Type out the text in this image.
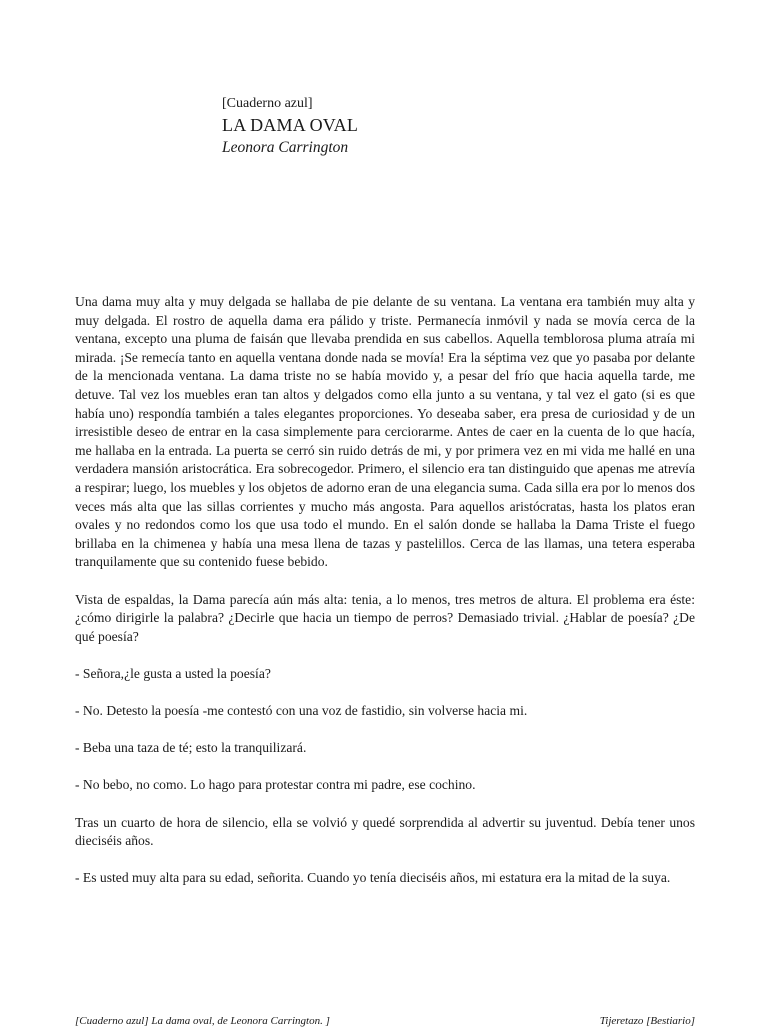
[Cuaderno azul]
LA DAMA OVAL
Leonora Carrington

Una dama muy alta y muy delgada se hallaba de pie delante de su ventana. La ventana era también muy alta y muy delgada. El rostro de aquella dama era pálido y triste. Permanecía inmóvil y nada se movía cerca de la ventana, excepto una pluma de faisán que llevaba prendida en sus cabellos. Aquella temblorosa pluma atraía mi mirada. ¡Se remecía tanto en aquella ventana donde nada se movía! Era la séptima vez que yo pasaba por delante de la mencionada ventana. La dama triste no se había movido y, a pesar del frío que hacia aquella tarde, me detuve. Tal vez los muebles eran tan altos y delgados como ella junto a su ventana, y tal vez el gato (si es que había uno) respondía también a tales elegantes proporciones. Yo deseaba saber, era presa de curiosidad y de un irresistible deseo de entrar en la casa simplemente para cerciorarme. Antes de caer en la cuenta de lo que hacía, me hallaba en la entrada. La puerta se cerró sin ruido detrás de mi, y por primera vez en mi vida me hallé en una verdadera mansión aristocrática. Era sobrecogedor. Primero, el silencio era tan distinguido que apenas me atrevía a respirar; luego, los muebles y los objetos de adorno eran de una elegancia suma. Cada silla era por lo menos dos veces más alta que las sillas corrientes y mucho más angosta. Para aquellos aristócratas, hasta los platos eran ovales y no redondos como los que usa todo el mundo. En el salón donde se hallaba la Dama Triste el fuego brillaba en la chimenea y había una mesa llena de tazas y pastelillos. Cerca de las llamas, una tetera esperaba tranquilamente que su contenido fuese bebido.

Vista de espaldas, la Dama parecía aún más alta: tenia, a lo menos, tres metros de altura. El problema era éste: ¿cómo dirigirle la palabra? ¿Decirle que hacia un tiempo de perros? Demasiado trivial. ¿Hablar de poesía? ¿De qué poesía?

- Señora,¿le gusta a usted la poesía?

- No. Detesto la poesía -me contestó con una voz de fastidio, sin volverse hacia mi.

- Beba una taza de té; esto la tranquilizará.

- No bebo, no como. Lo hago para protestar contra mi padre, ese cochino.

Tras un cuarto de hora de silencio, ella se volvió y quedé sorprendida al advertir su juventud. Debía tener unos dieciséis años.

- Es usted muy alta para su edad, señorita. Cuando yo tenía dieciséis años, mi estatura era la mitad de la suya.

[Cuaderno azul] La dama oval, de Leonora Carrington. ]	Tijeretazo [Bestiario]
